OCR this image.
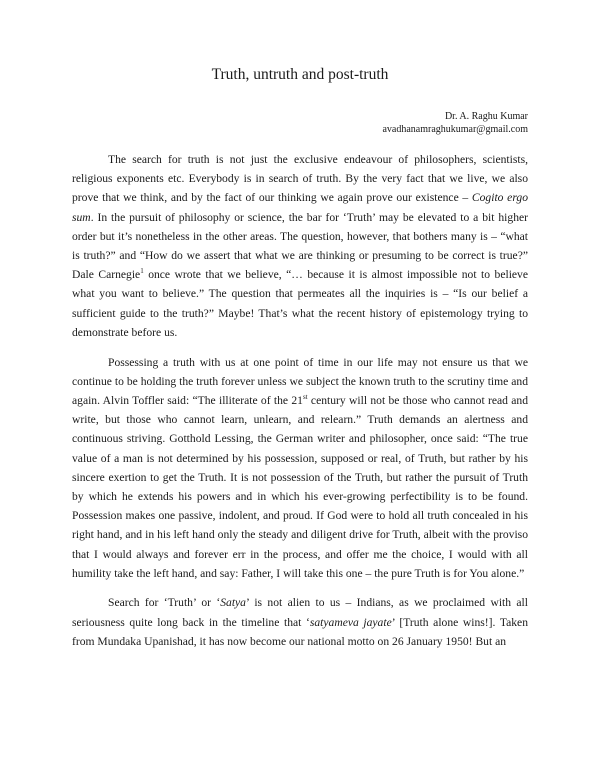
Truth, untruth and post-truth
Dr. A. Raghu Kumar
avadhanamraghukumar@gmail.com

The search for truth is not just the exclusive endeavour of philosophers, scientists, religious exponents etc. Everybody is in search of truth. By the very fact that we live, we also prove that we think, and by the fact of our thinking we again prove our existence – Cogito ergo sum. In the pursuit of philosophy or science, the bar for ‘Truth’ may be elevated to a bit higher order but it’s nonetheless in the other areas. The question, however, that bothers many is – “what is truth?” and “How do we assert that what we are thinking or presuming to be correct is true?” Dale Carnegie$^1$ once wrote that we believe, “… because it is almost impossible not to believe what you want to believe.” The question that permeates all the inquiries is – “Is our belief a sufficient guide to the truth?” Maybe! That’s what the recent history of epistemology trying to demonstrate before us.

Possessing a truth with us at one point of time in our life may not ensure us that we continue to be holding the truth forever unless we subject the known truth to the scrutiny time and again. Alvin Toffler said: “The illiterate of the 21st century will not be those who cannot read and write, but those who cannot learn, unlearn, and relearn.” Truth demands an alertness and continuous striving. Gotthold Lessing, the German writer and philosopher, once said: “The true value of a man is not determined by his possession, supposed or real, of Truth, but rather by his sincere exertion to get the Truth. It is not possession of the Truth, but rather the pursuit of Truth by which he extends his powers and in which his ever-growing perfectibility is to be found. Possession makes one passive, indolent, and proud. If God were to hold all truth concealed in his right hand, and in his left hand only the steady and diligent drive for Truth, albeit with the proviso that I would always and forever err in the process, and offer me the choice, I would with all humility take the left hand, and say: Father, I will take this one – the pure Truth is for You alone.”

Search for ‘Truth’ or ‘Satya’ is not alien to us – Indians, as we proclaimed with all seriousness quite long back in the timeline that ‘satyameva jayate’ [Truth alone wins!]. Taken from Mundaka Upanishad, it has now become our national motto on 26 January 1950! But an
